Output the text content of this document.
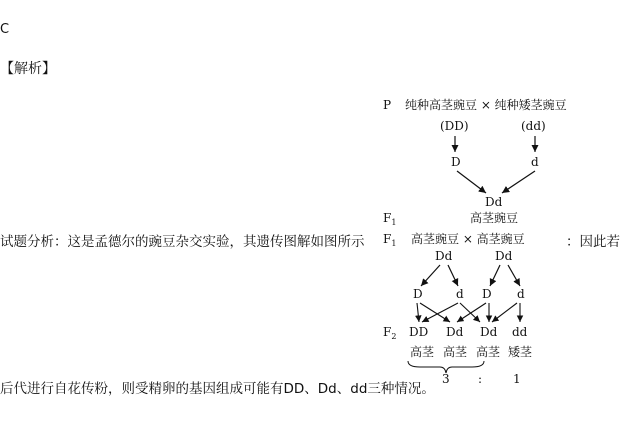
C
【解析】
试题分析：这是孟德尔的豌豆杂交实验，其遗传图解如图所示	：因此若
后代进行自花传粉，则受精卵的基因组成可能有DD、Dd、dd三种情况。
P 纯种高茎豌豆 × 纯种矮茎豌豆
(DD)	(dd)
D	d
Dd
$F_1$	高茎豌豆
$F_1$ 高茎豌豆 × 高茎豌豆
Dd	Dd
D	d D d
$F_2$ DD Dd Dd dd
高茎 高茎 高茎 矮茎
3 :	1
